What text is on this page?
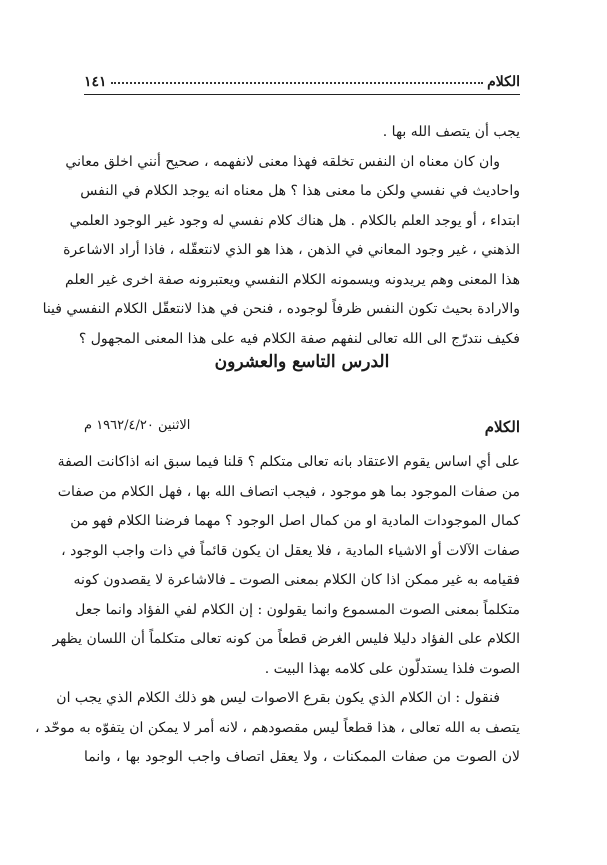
الكلام
١٤١
يجب أن يتصف الله بها .
وان كان معناه ان النفس تخلقه فهذا معنى لانفهمه ، صحيح أنني اخلق معاني
واحاديث في نفسي ولكن ما معنى هذا ؟ هل معناه انه يوجد الكلام في النفس
ابتداء ، أو يوجد العلم بالكلام . هل هناك كلام نفسي له وجود غير الوجود العلمي
الذهني ، غير وجود المعاني في الذهن ، هذا هو الذي لانتعقّله ، فاذا أراد الاشاعرة
هذا المعنى وهم يريدونه ويسمونه الكلام النفسي ويعتبرونه صفة اخرى غير العلم
والارادة بحيث تكون النفس ظرفاً لوجوده ، فنحن في هذا لانتعقّل الكلام النفسي فينا
فكيف نتدرّج الى الله تعالى لنفهم صفة الكلام فيه على هذا المعنى المجهول ؟
الدرس التاسع والعشرون
الكلام
الاثنين ١٩٦٢/٤/٢٠ م
على أي اساس يقوم الاعتقاد بانه تعالى متكلم ؟ قلنا فيما سبق انه اذاكانت الصفة
من صفات الموجود بما هو موجود ، فيجب اتصاف الله بها ، فهل الكلام من صفات
كمال الموجودات المادية او من كمال اصل الوجود ؟ مهما فرضنا الكلام فهو من
صفات الآلات أو الاشياء المادية ، فلا يعقل ان يكون قائماً في ذات واجب الوجود ،
فقيامه به غير ممكن اذا كان الكلام بمعنى الصوت ـ فالاشاعرة لا يقصدون كونه
متكلماً بمعنى الصوت المسموع وانما يقولون : إن الكلام لفي الفؤاد وانما جعل
الكلام على الفؤاد دليلا فليس الغرض قطعاً من كونه تعالى متكلماً أن اللسان يظهر
الصوت فلذا يستدلّون على كلامه بهذا البيت .
فنقول : ان الكلام الذي يكون بقرع الاصوات ليس هو ذلك الكلام الذي يجب ان
يتصف به الله تعالى ، هذا قطعاً ليس مقصودهم ، لانه أمر لا يمكن ان يتفوّه به موحّد ،
لان الصوت من صفات الممكنات ، ولا يعقل اتصاف واجب الوجود بها ، وانما
